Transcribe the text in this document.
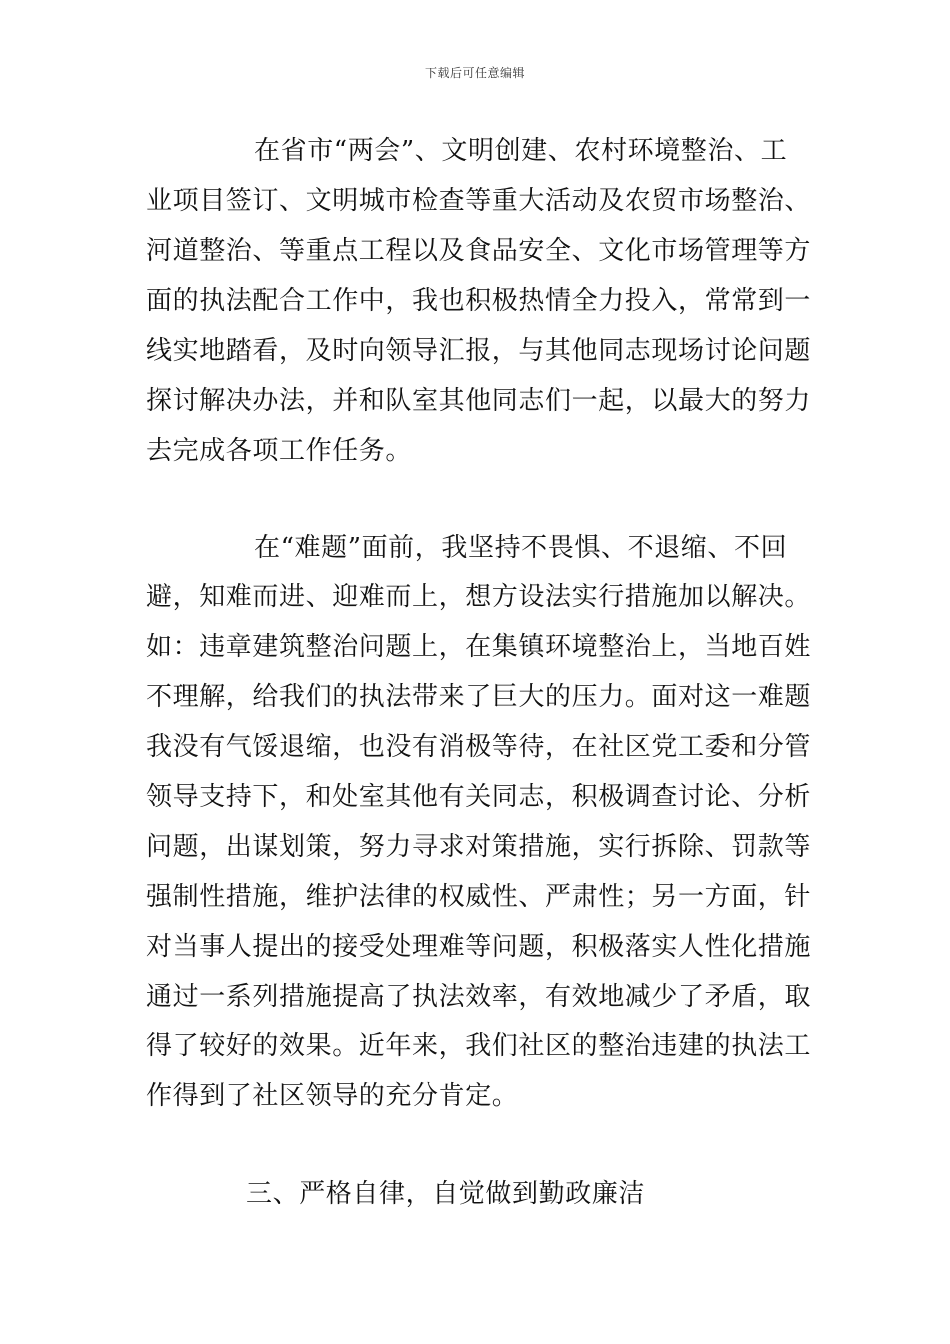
下载后可任意编辑
在省市“两会”、文明创建、农村环境整治、工
业项目签订、文明城市检查等重大活动及农贸市场整治、
河道整治、等重点工程以及食品安全、文化市场管理等方
面的执法配合工作中，我也积极热情全力投入，常常到一
线实地踏看，及时向领导汇报，与其他同志现场讨论问题
探讨解决办法，并和队室其他同志们一起，以最大的努力
去完成各项工作任务。
在“难题”面前，我坚持不畏惧、不退缩、不回
避，知难而进、迎难而上，想方设法实行措施加以解决。
如：违章建筑整治问题上，在集镇环境整治上，当地百姓
不理解，给我们的执法带来了巨大的压力。面对这一难题
我没有气馁退缩，也没有消极等待，在社区党工委和分管
领导支持下，和处室其他有关同志，积极调查讨论、分析
问题，出谋划策，努力寻求对策措施，实行拆除、罚款等
强制性措施，维护法律的权威性、严肃性；另一方面，针
对当事人提出的接受处理难等问题，积极落实人性化措施
通过一系列措施提高了执法效率，有效地减少了矛盾，取
得了较好的效果。近年来，我们社区的整治违建的执法工
作得到了社区领导的充分肯定。
三、严格自律，自觉做到勤政廉洁
